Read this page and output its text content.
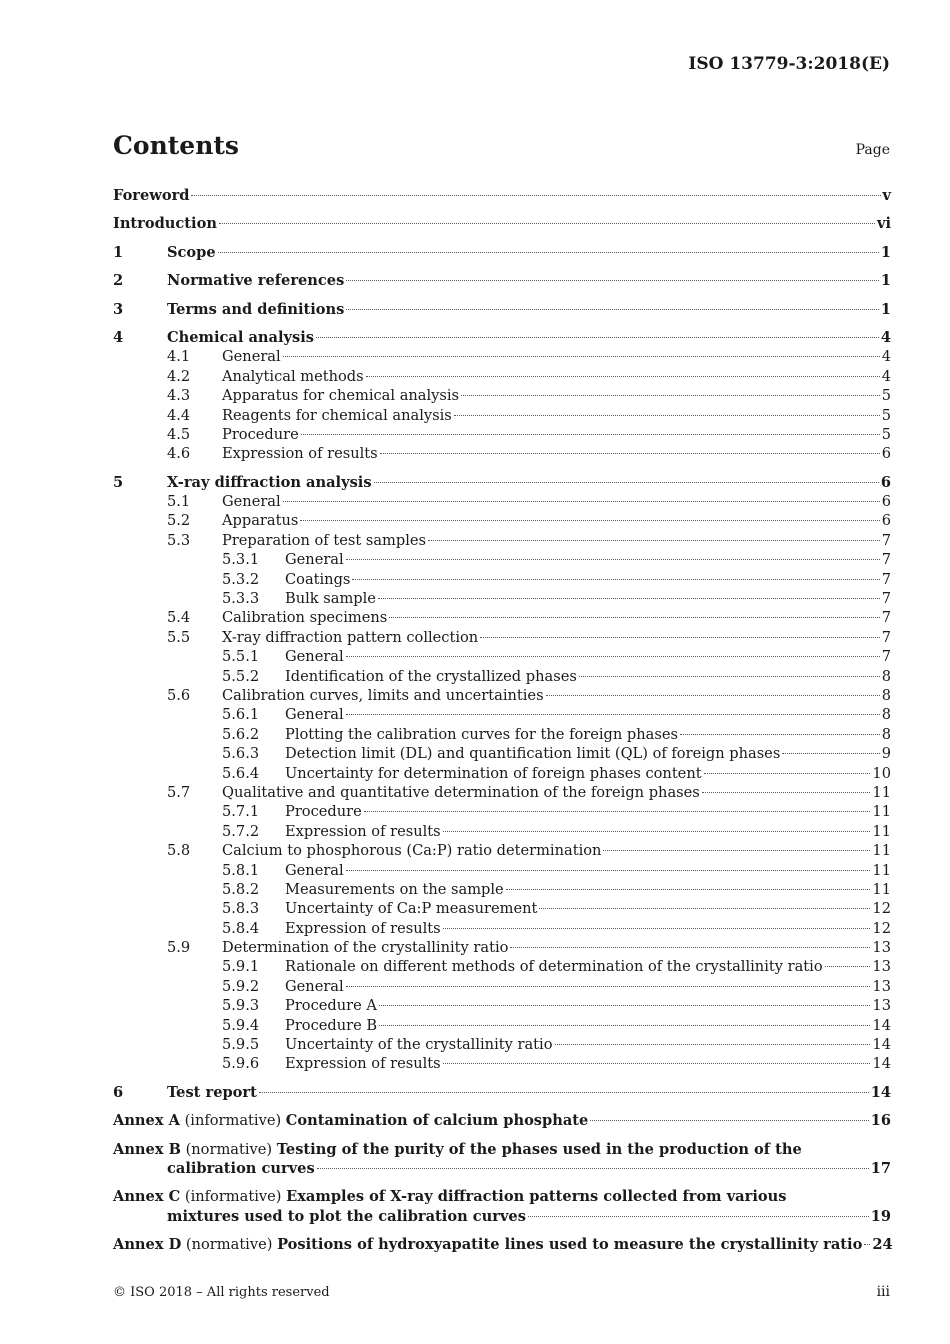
ISO 13779-3:2018(E)
Contents	Page
Foreword	v
Introduction	vi
1	Scope	1
2	Normative references	1
3	Terms and definitions	1
4	Chemical analysis	4
4.1 General	4
4.2 Analytical methods	4
4.3 Apparatus for chemical analysis	5
4.4 Reagents for chemical analysis	5
4.5 Procedure	5
4.6 Expression of results	6
5	X-ray diffraction analysis	6
5.1 General	6
5.2 Apparatus	6
5.3 Preparation of test samples	7
5.3.1 General	7
5.3.2 Coatings	7
5.3.3 Bulk sample	7
5.4 Calibration specimens	7
5.5 X-ray diffraction pattern collection	7
5.5.1 General	7
5.5.2 Identification of the crystallized phases	8
5.6 Calibration curves, limits and uncertainties	8
5.6.1 General	8
5.6.2 Plotting the calibration curves for the foreign phases	8
5.6.3 Detection limit (DL) and quantification limit (QL) of foreign phases	9
5.6.4 Uncertainty for determination of foreign phases content	10
5.7 Qualitative and quantitative determination of the foreign phases	11
5.7.1 Procedure	11
5.7.2 Expression of results	11
5.8 Calcium to phosphorous (Ca:P) ratio determination	11
5.8.1 General	11
5.8.2 Measurements on the sample	11
5.8.3 Uncertainty of Ca:P measurement	12
5.8.4 Expression of results	12
5.9 Determination of the crystallinity ratio	13
5.9.1 Rationale on different methods of determination of the crystallinity ratio	13
5.9.2 General	13
5.9.3 Procedure A	13
5.9.4 Procedure B	14
5.9.5 Uncertainty of the crystallinity ratio	14
5.9.6 Expression of results	14
6	Test report	14
Annex A (informative) Contamination of calcium phosphate	16
Annex B (normative) Testing of the purity of the phases used in the production of the
calibration curves	17
Annex C (informative) Examples of X-ray diffraction patterns collected from various
mixtures used to plot the calibration curves	19
Annex D (normative) Positions of hydroxyapatite lines used to measure the crystallinity ratio 24
© ISO 2018 – All rights reserved	iii
